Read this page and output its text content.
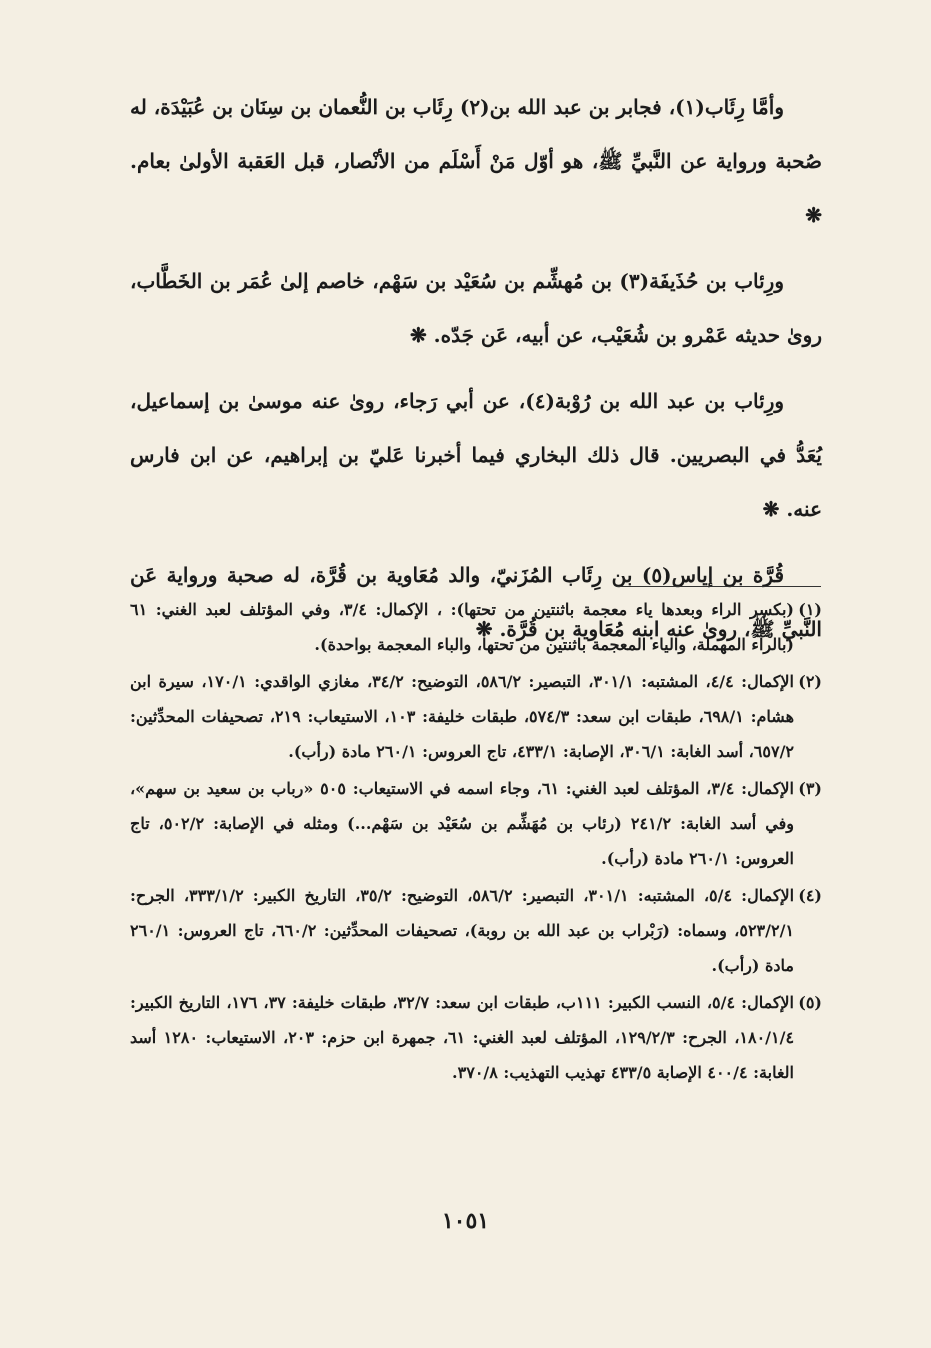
وأمَّا رِئَاب(١)، فجابر بن عبد الله بن(٢) رِئَاب بن النُّعمان بن سِنَان بن عُبَيْدَة، له صُحبة ورواية عن النَّبيِّ ﷺ، هو أوّل مَنْ أَسْلَم من الأنْصار، قبل العَقبة الأولىٰ بعام. ❋

ورِئاب بن حُذَيفَة(٣) بن مُهشِّم بن سُعَيْد بن سَهْم، خاصم إلىٰ عُمَر بن الخَطَّاب، روىٰ حديثه عَمْرو بن شُعَيْب، عن أبيه، عَن جَدّه. ❋

ورِئاب بن عبد الله بن رُوْبة(٤)، عن أبي رَجاء، روىٰ عنه موسىٰ بن إسماعيل، يُعَدُّ في البصريين. قال ذلك البخاري فيما أخبرنا عَليّ بن إبراهيم، عن ابن فارس عنه. ❋

قُرَّة بن إياس(٥) بن رِئَاب المُزَنيّ، والد مُعَاوية بن قُرَّة، له صحبة ورواية عَن النَّبيِّ ﷺ، روىٰ عنه ابنه مُعَاوية بن قُرَّة. ❋

(١)
(بكسر الراء وبعدها ياء معجمة باثنتين من تحتها): ، الإكمال: ٣/٤، وفي المؤتلف لعبد الغني: ٦١ (بالراء المهملة، والياء المعجمة باثنتين من تحتها، والباء المعجمة بواحدة).
(٢)
الإكمال: ٤/٤، المشتبه: ٣٠١/١، التبصير: ٥٨٦/٢، التوضيح: ٣٤/٢، مغازي الواقدي: ١٧٠/١، سيرة ابن هشام: ٦٩٨/١، طبقات ابن سعد: ٥٧٤/٣، طبقات خليفة: ١٠٣، الاستيعاب: ٢١٩، تصحيفات المحدِّثين: ٦٥٧/٢، أسد الغابة: ٣٠٦/١، الإصابة: ٤٣٣/١، تاج العروس: ٢٦٠/١ مادة (رأب).
(٣)
الإكمال: ٣/٤، المؤتلف لعبد الغني: ٦١، وجاء اسمه في الاستيعاب: ٥٠٥ «رباب بن سعيد بن سهم»، وفي أسد الغابة: ٢٤١/٢ (رئاب بن مُهَشِّم بن سُعَيْد بن سَهْم...) ومثله في الإصابة: ٥٠٢/٢، تاج العروس: ٢٦٠/١ مادة (رأب).
(٤)
الإكمال: ٥/٤، المشتبه: ٣٠١/١، التبصير: ٥٨٦/٢، التوضيح: ٣٥/٢، التاريخ الكبير: ٣٣٣/١/٢، الجرح: ٥٢٣/٢/١، وسماه: (رَبْراب بن عبد الله بن روبة)، تصحيفات المحدِّثين: ٦٦٠/٢، تاج العروس: ٢٦٠/١ مادة (رأب).
(٥)
الإكمال: ٥/٤، النسب الكبير: ١١١ب، طبقات ابن سعد: ٣٢/٧، طبقات خليفة: ٣٧، ١٧٦، التاريخ الكبير: ١٨٠/١/٤، الجرح: ١٢٩/٢/٣، المؤتلف لعبد الغني: ٦١، جمهرة ابن حزم: ٢٠٣، الاستيعاب: ١٢٨٠ أسد الغابة: ٤٠٠/٤ الإصابة ٤٣٣/٥ تهذيب التهذيب: ٣٧٠/٨.
١٠٥١
